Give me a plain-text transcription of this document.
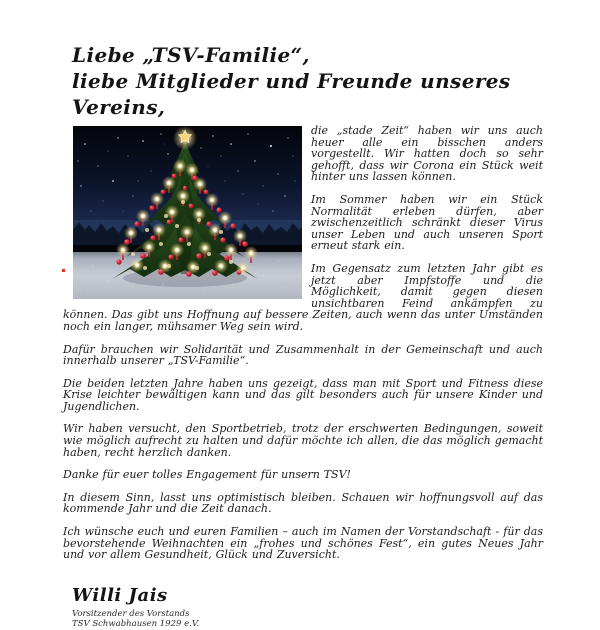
Liebe „TSV-Familie“,
liebe Mitglieder und Freunde unseres Vereins,

die „stade Zeit“ haben wir uns auch heuer alle ein bisschen anders vorgestellt. Wir hatten doch so sehr gehofft, dass wir Corona ein Stück weit hinter uns lassen können.

Im Sommer haben wir ein Stück Normalität erleben dürfen, aber zwischenzeitlich schränkt dieser Virus unser Leben und auch unseren Sport erneut stark ein.

Im Gegensatz zum letzten Jahr gibt es jetzt aber Impfstoffe und die Möglichkeit, damit gegen diesen unsichtbaren Feind ankämpfen zu können. Das gibt uns Hoffnung auf bessere Zeiten, auch wenn das unter Umständen noch ein langer, mühsamer Weg sein wird.

Dafür brauchen wir Solidarität und Zusammenhalt in der Gemeinschaft und auch innerhalb unserer „TSV-Familie“.

Die beiden letzten Jahre haben uns gezeigt, dass man mit Sport und Fitness diese Krise leichter bewältigen kann und das gilt besonders auch für unsere Kinder und Jugendlichen.

Wir haben versucht, den Sportbetrieb, trotz der erschwerten Bedingungen, soweit wie möglich aufrecht zu halten und dafür möchte ich allen, die das möglich gemacht haben, recht herzlich danken.

Danke für euer tolles Engagement für unsern TSV!

In diesem Sinn, lasst uns optimistisch bleiben. Schauen wir hoffnungsvoll auf das kommende Jahr und die Zeit danach.

Ich wünsche euch und euren Familien – auch im Namen der Vorstandschaft - für das bevorstehende Weihnachten ein „frohes und schönes Fest“, ein gutes Neues Jahr und vor allem Gesundheit, Glück und Zuversicht.

Willi Jais
Vorsitzender des Vorstands
TSV Schwabhausen 1929 e.V.
